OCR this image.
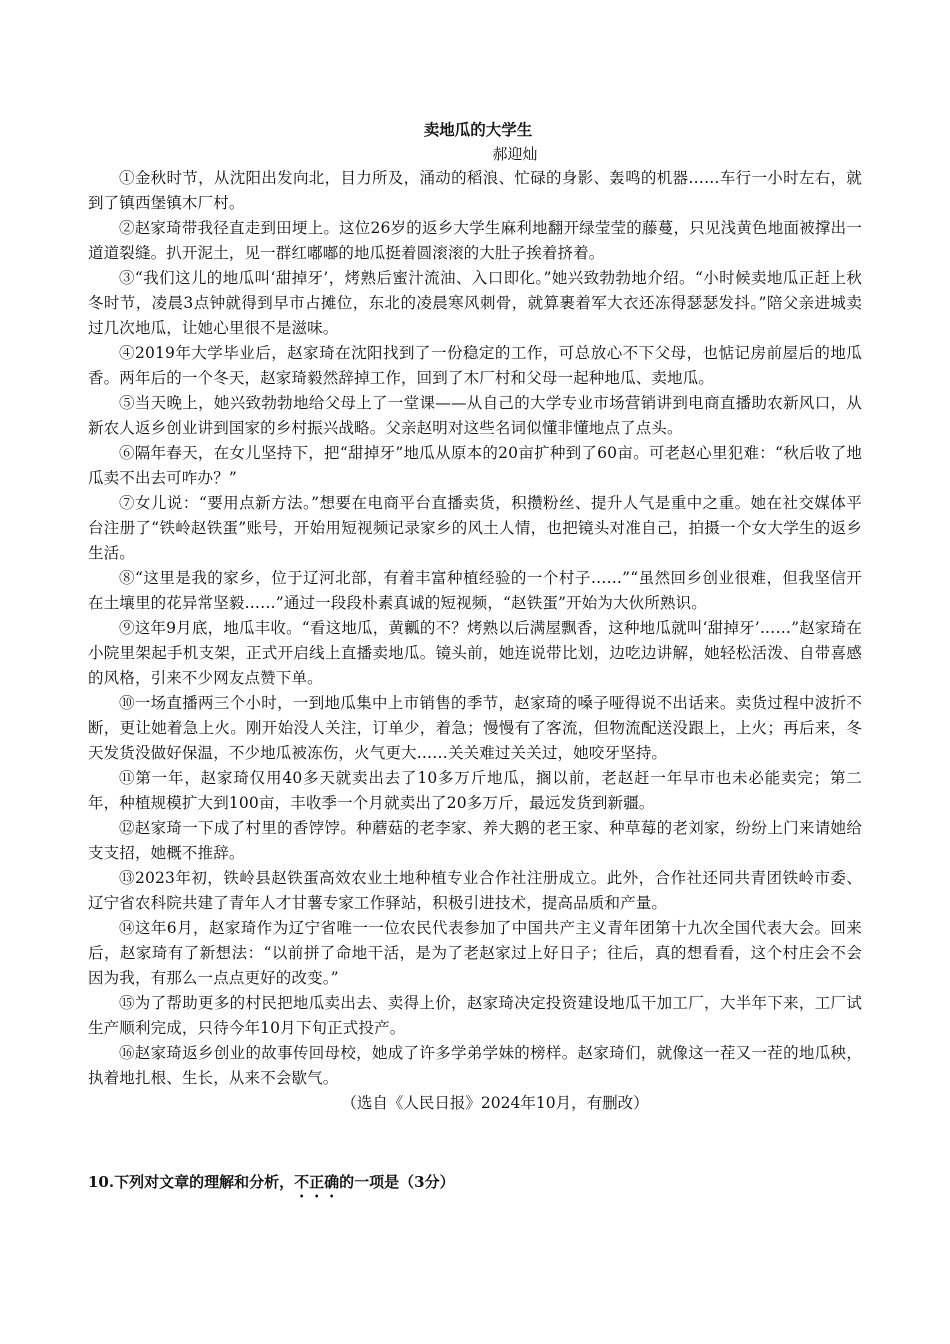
卖地瓜的大学生
郝迎灿

①金秋时节，从沈阳出发向北，目力所及，涌动的稻浪、忙碌的身影、轰鸣的机器……车行一小时左右，就到了镇西堡镇木厂村。

②赵家琦带我径直走到田埂上。这位26岁的返乡大学生麻利地翻开绿莹莹的藤蔓，只见浅黄色地面被撑出一道道裂缝。扒开泥土，见一群红嘟嘟的地瓜挺着圆滚滚的大肚子挨着挤着。

③“我们这儿的地瓜叫‘甜掉牙’，烤熟后蜜汁流油、入口即化。”她兴致勃勃地介绍。“小时候卖地瓜正赶上秋冬时节，凌晨3点钟就得到早市占摊位，东北的凌晨寒风刺骨，就算裹着军大衣还冻得瑟瑟发抖。”陪父亲进城卖过几次地瓜，让她心里很不是滋味。

④2019年大学毕业后，赵家琦在沈阳找到了一份稳定的工作，可总放心不下父母，也惦记房前屋后的地瓜香。两年后的一个冬天，赵家琦毅然辞掉工作，回到了木厂村和父母一起种地瓜、卖地瓜。

⑤当天晚上，她兴致勃勃地给父母上了一堂课——从自己的大学专业市场营销讲到电商直播助农新风口，从新农人返乡创业讲到国家的乡村振兴战略。父亲赵明对这些名词似懂非懂地点了点头。

⑥隔年春天，在女儿坚持下，把“甜掉牙”地瓜从原本的20亩扩种到了60亩。可老赵心里犯难：“秋后收了地瓜卖不出去可咋办？”

⑦女儿说：“要用点新方法。”想要在电商平台直播卖货，积攒粉丝、提升人气是重中之重。她在社交媒体平台注册了“铁岭赵铁蛋”账号，开始用短视频记录家乡的风土人情，也把镜头对准自己，拍摄一个女大学生的返乡生活。

⑧“这里是我的家乡，位于辽河北部，有着丰富种植经验的一个村子……”“虽然回乡创业很难，但我坚信开在土壤里的花异常坚毅……”通过一段段朴素真诚的短视频，“赵铁蛋”开始为大伙所熟识。

⑨这年9月底，地瓜丰收。“看这地瓜，黄瓤的不？烤熟以后满屋飘香，这种地瓜就叫‘甜掉牙’……”赵家琦在小院里架起手机支架，正式开启线上直播卖地瓜。镜头前，她连说带比划，边吃边讲解，她轻松活泼、自带喜感的风格，引来不少网友点赞下单。

⑩一场直播两三个小时，一到地瓜集中上市销售的季节，赵家琦的嗓子哑得说不出话来。卖货过程中波折不断，更让她着急上火。刚开始没人关注，订单少，着急；慢慢有了客流，但物流配送没跟上，上火；再后来，冬天发货没做好保温，不少地瓜被冻伤，火气更大……关关难过关关过，她咬牙坚持。

⑪第一年，赵家琦仅用40多天就卖出去了10多万斤地瓜，搁以前，老赵赶一年早市也未必能卖完；第二年，种植规模扩大到100亩，丰收季一个月就卖出了20多万斤，最远发货到新疆。

⑫赵家琦一下成了村里的香饽饽。种蘑菇的老李家、养大鹅的老王家、种草莓的老刘家，纷纷上门来请她给支支招，她概不推辞。

⑬2023年初，铁岭县赵铁蛋高效农业土地种植专业合作社注册成立。此外，合作社还同共青团铁岭市委、辽宁省农科院共建了青年人才甘薯专家工作驿站，积极引进技术，提高品质和产量。

⑭这年6月，赵家琦作为辽宁省唯一一位农民代表参加了中国共产主义青年团第十九次全国代表大会。回来后，赵家琦有了新想法：“以前拼了命地干活，是为了老赵家过上好日子；往后，真的想看看，这个村庄会不会因为我，有那么一点点更好的改变。”

⑮为了帮助更多的村民把地瓜卖出去、卖得上价，赵家琦决定投资建设地瓜干加工厂，大半年下来，工厂试生产顺利完成，只待今年10月下旬正式投产。

⑯赵家琦返乡创业的故事传回母校，她成了许多学弟学妹的榜样。赵家琦们，就像这一茬又一茬的地瓜秧，执着地扎根、生长，从来不会歇气。

（选自《人民日报》2024年10月，有删改）
10.下列对文章的理解和分析，不正确的一项是（3分）
